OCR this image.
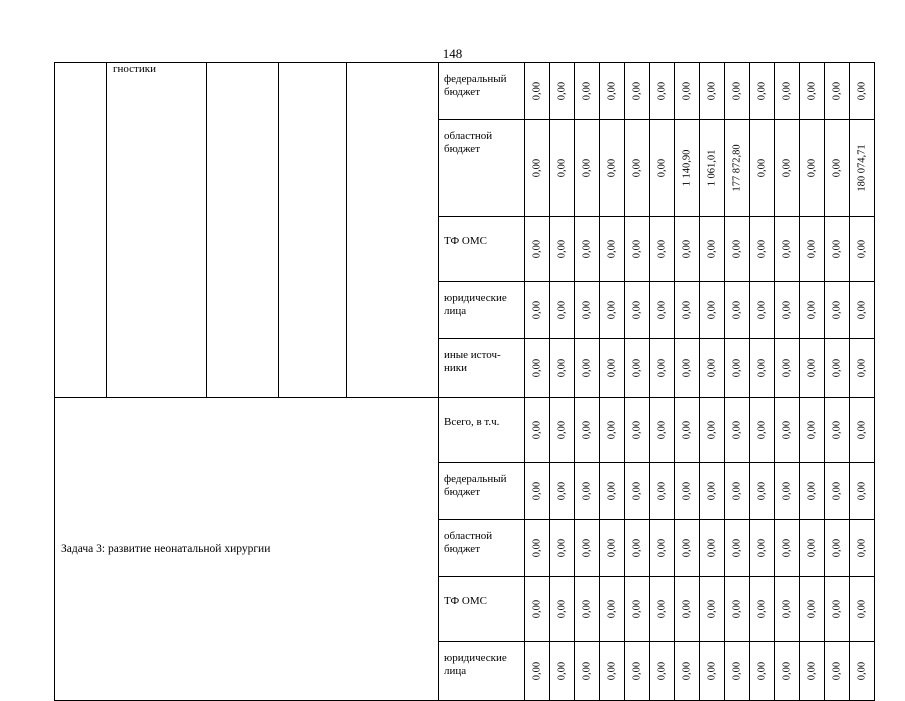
148
	гностики				федеральный бюджет	0,00	0,00	0,00	0,00	0,00	0,00	0,00	0,00	0,00	0,00	0,00	0,00	0,00	0,00

					областной бюджет	0,00	0,00	0,00	0,00	0,00	0,00	1 140,90	1 061,01	177 872,80	0,00	0,00	0,00	0,00	180 074,71

					ТФ ОМС	0,00	0,00	0,00	0,00	0,00	0,00	0,00	0,00	0,00	0,00	0,00	0,00	0,00	0,00

					юридические лица	0,00	0,00	0,00	0,00	0,00	0,00	0,00	0,00	0,00	0,00	0,00	0,00	0,00	0,00

					иные источ-ники	0,00	0,00	0,00	0,00	0,00	0,00	0,00	0,00	0,00	0,00	0,00	0,00	0,00	0,00

Задача 3: развитие неонатальной хирургии					Всего, в т.ч.	0,00	0,00	0,00	0,00	0,00	0,00	0,00	0,00	0,00	0,00	0,00	0,00	0,00	0,00

					федеральный бюджет	0,00	0,00	0,00	0,00	0,00	0,00	0,00	0,00	0,00	0,00	0,00	0,00	0,00	0,00

					областной бюджет	0,00	0,00	0,00	0,00	0,00	0,00	0,00	0,00	0,00	0,00	0,00	0,00	0,00	0,00

					ТФ ОМС	0,00	0,00	0,00	0,00	0,00	0,00	0,00	0,00	0,00	0,00	0,00	0,00	0,00	0,00

					юридические лица	0,00	0,00	0,00	0,00	0,00	0,00	0,00	0,00	0,00	0,00	0,00	0,00	0,00	0,00
